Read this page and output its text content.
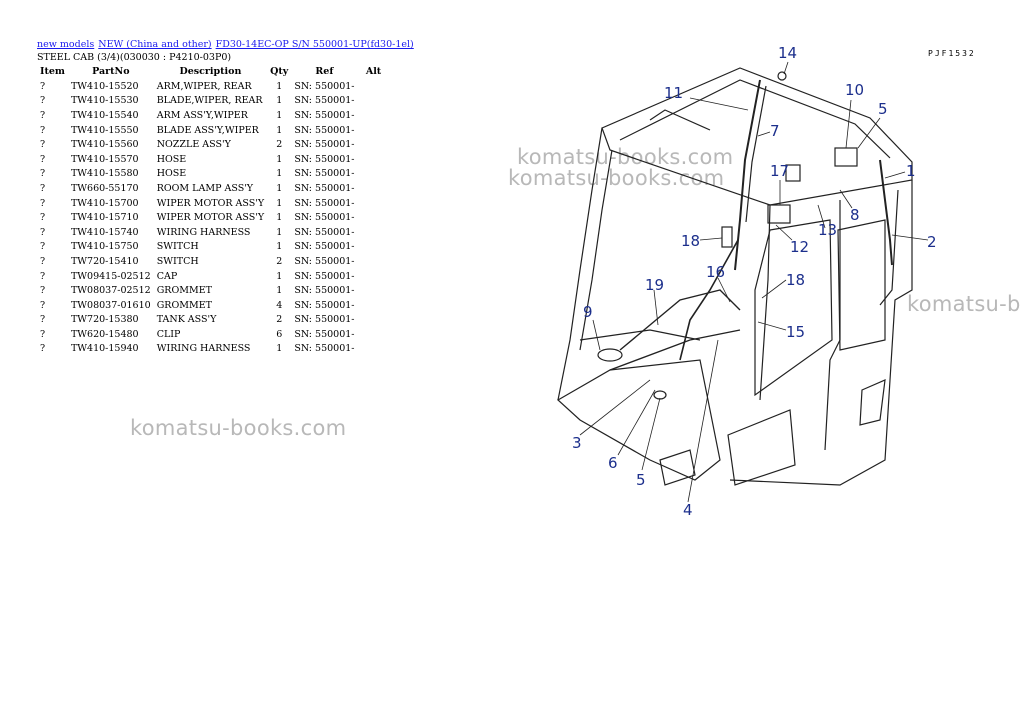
new models NEW (China and other) FD30-14EC-OP S/N 550001-UP(fd30-1el)
STEEL CAB (3/4)(030030 : P4210-03P0)
Item	PartNo	Description	Qty	Ref	Alt
?	TW410-15520	ARM,WIPER, REAR	1	SN: 550001-	
?	TW410-15530	BLADE,WIPER, REAR	1	SN: 550001-	
?	TW410-15540	ARM ASS'Y,WIPER	1	SN: 550001-	
?	TW410-15550	BLADE ASS'Y,WIPER	1	SN: 550001-	
?	TW410-15560	NOZZLE ASS'Y	2	SN: 550001-	
?	TW410-15570	HOSE	1	SN: 550001-	
?	TW410-15580	HOSE	1	SN: 550001-	
?	TW660-55170	ROOM LAMP ASS'Y	1	SN: 550001-	
?	TW410-15700	WIPER MOTOR ASS'Y	1	SN: 550001-	
?	TW410-15710	WIPER MOTOR ASS'Y	1	SN: 550001-	
?	TW410-15740	WIRING HARNESS	1	SN: 550001-	
?	TW410-15750	SWITCH	1	SN: 550001-	
?	TW720-15410	SWITCH	2	SN: 550001-	
?	TW09415-02512	CAP	1	SN: 550001-	
?	TW08037-02512	GROMMET	1	SN: 550001-	
?	TW08037-01610	GROMMET	4	SN: 550001-	
?	TW720-15380	TANK ASS'Y	2	SN: 550001-	
?	TW620-15480	CLIP	6	SN: 550001-	
?	TW410-15940	WIRING HARNESS	1	SN: 550001-	
komatsu-books.com
komatsu-books.com
komatsu-books.com
komatsu-b
PJF1532
14
11
7
10
5
1
17
8
13
2
18	12
16	18
19
15
9
3
6
5
4
